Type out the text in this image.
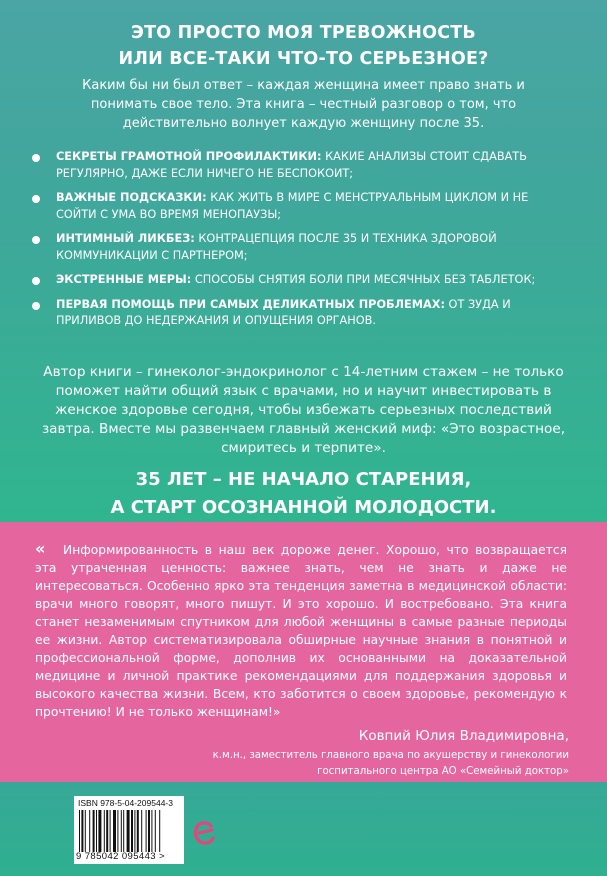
ЭТО ПРОСТО МОЯ ТРЕВОЖНОСТЬ
ИЛИ ВСЕ-ТАКИ ЧТО-ТО СЕРЬЕЗНОЕ?
Каким бы ни был ответ – каждая женщина имеет право знать и понимать свое тело. Эта книга – честный разговор о том, что действительно волнует каждую женщину после 35.
СЕКРЕТЫ ГРАМОТНОЙ ПРОФИЛАКТИКИ: КАКИЕ АНАЛИЗЫ СТОИТ СДАВАТЬ РЕГУЛЯРНО, ДАЖЕ ЕСЛИ НИЧЕГО НЕ БЕСПОКОИТ;
ВАЖНЫЕ ПОДСКАЗКИ: КАК ЖИТЬ В МИРЕ С МЕНСТРУАЛЬНЫМ ЦИКЛОМ И НЕ СОЙТИ С УМА ВО ВРЕМЯ МЕНОПАУЗЫ;
ИНТИМНЫЙ ЛИКБЕЗ: КОНТРАЦЕПЦИЯ ПОСЛЕ 35 И ТЕХНИКА ЗДОРОВОЙ КОММУНИКАЦИИ С ПАРТНЕРОМ;
ЭКСТРЕННЫЕ МЕРЫ: СПОСОБЫ СНЯТИЯ БОЛИ ПРИ МЕСЯЧНЫХ БЕЗ ТАБЛЕТОК;
ПЕРВАЯ ПОМОЩЬ ПРИ САМЫХ ДЕЛИКАТНЫХ ПРОБЛЕМАХ: ОТ ЗУДА И ПРИЛИВОВ ДО НЕДЕРЖАНИЯ И ОПУЩЕНИЯ ОРГАНОВ.
Автор книги – гинеколог-эндокринолог с 14-летним стажем – не только поможет найти общий язык с врачами, но и научит инвестировать в женское здоровье сегодня, чтобы избежать серьезных последствий завтра. Вместе мы развенчаем главный женский миф: «Это возрастное, смиритесь и терпите».
35 ЛЕТ – НЕ НАЧАЛО СТАРЕНИЯ,
А СТАРТ ОСОЗНАННОЙ МОЛОДОСТИ.
«	Информированность в наш век дороже денег. Хорошо, что возвращается эта утраченная ценность: важнее знать, чем не знать и даже не интересоваться. Особенно ярко эта тенденция заметна в медицинской области: врачи много говорят, много пишут. И это хорошо. И востребовано. Эта книга станет незаменимым спутником для любой женщины в самые разные периоды ее жизни. Автор систематизировала обширные научные знания в понятной и профессиональной форме, дополнив их основанными на доказательной медицине и личной практике рекомендациями для поддержания здоровья и высокого качества жизни. Всем, кто заботится о своем здоровье, рекомендую к прочтению! И не только женщинам!»
Ковпий Юлия Владимировна,
к.м.н., заместитель главного врача по акушерству и гинекологии
госпитального центра АО «Семейный доктор»
ISBN 978-5-04-209544-3
9 785042 095443 >
